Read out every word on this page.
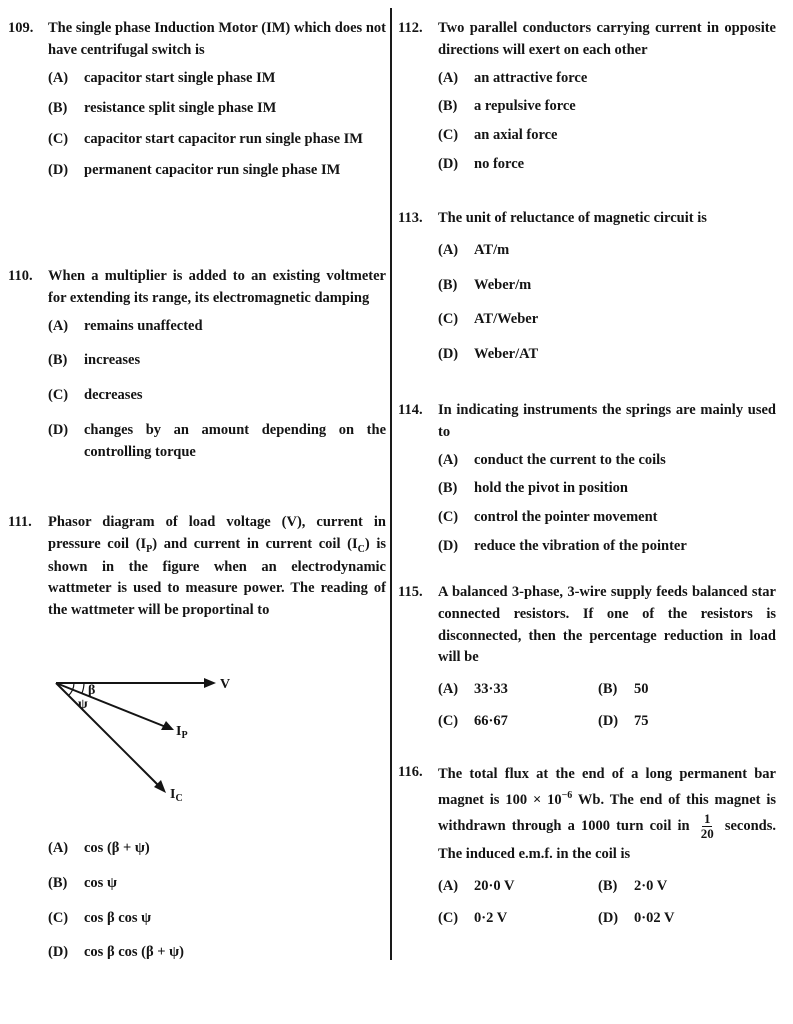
109.	The single phase Induction Motor (IM) which does not have centrifugal switch is
(A)	capacitor start single phase IM
(B)	resistance split single phase IM
(C)	capacitor start capacitor run single phase IM
(D)	permanent capacitor run single phase IM
110.	When a multiplier is added to an existing voltmeter for extending its range, its electromagnetic damping
(A)	remains unaffected
(B)	increases
(C)	decreases
(D)	changes by an amount depending on the controlling torque
111.	Phasor diagram of load voltage (V), current in pressure coil $(I_P)$ and current in current coil $(I_C)$ is shown in the figure when an electrodynamic wattmeter is used to measure power. The reading of the wattmeter will be proportinal to
V
$I_P$
$I_C$
β
ψ
(A)	cos (β + ψ)
(B)	cos ψ
(C)	cos β cos ψ
(D)	cos β cos (β + ψ)
112.	Two parallel conductors carrying current in opposite directions will exert on each other
(A)	an attractive force
(B)	a repulsive force
(C)	an axial force
(D)	no force
113.	The unit of reluctance of magnetic circuit is
(A)	AT/m
(B)	Weber/m
(C)	AT/Weber
(D)	Weber/AT
114.	In indicating instruments the springs are mainly used to
(A)	conduct the current to the coils
(B)	hold the pivot in position
(C)	control the pointer movement
(D)	reduce the vibration of the pointer
115.	A balanced 3-phase, 3-wire supply feeds balanced star connected resistors. If one of the resistors is disconnected, then the percentage reduction in load will be
(A)	33·33	(B)	50
(C)	66·67	(D)	75
116.	The total flux at the end of a long permanent bar magnet is $100 \times 10^{-6}$ Wb. The end of this magnet is withdrawn through a 1000 turn coil in $\frac{1}{20}$ seconds. The induced e.m.f. in the coil is
(A)	20·0 V	(B)	2·0 V
(C)	0·2 V	(D)	0·02 V
